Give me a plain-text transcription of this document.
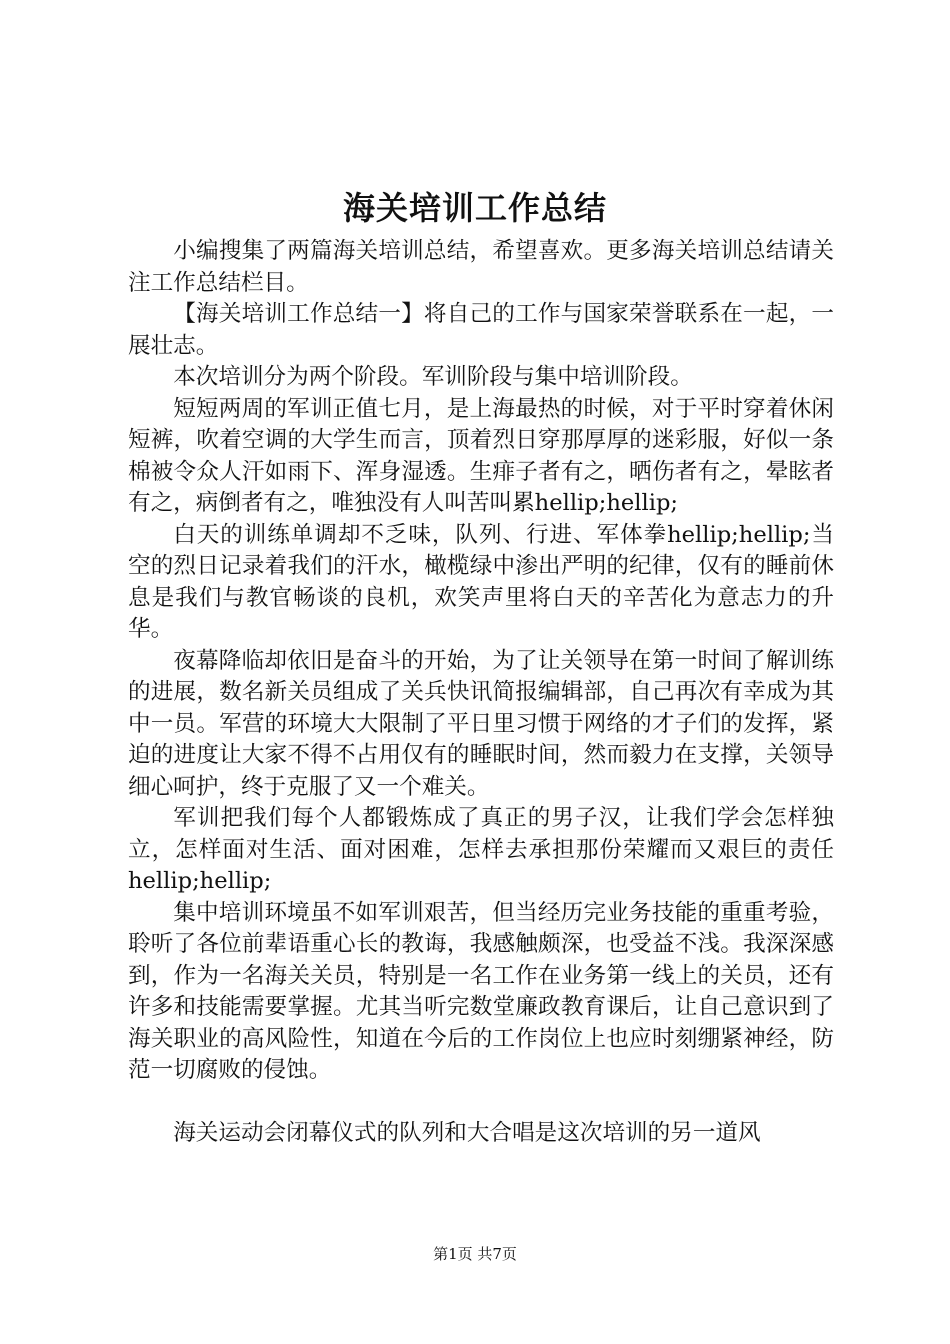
海关培训工作总结

小编搜集了两篇海关培训总结，希望喜欢。更多海关培训总结请关注工作总结栏目。

【海关培训工作总结一】将自己的工作与国家荣誉联系在一起，一展壮志。

本次培训分为两个阶段。军训阶段与集中培训阶段。

短短两周的军训正值七月，是上海最热的时候，对于平时穿着休闲短裤，吹着空调的大学生而言，顶着烈日穿那厚厚的迷彩服，好似一条棉被令众人汗如雨下、浑身湿透。生痱子者有之，晒伤者有之，晕眩者有之，病倒者有之，唯独没有人叫苦叫累hellip;hellip;

白天的训练单调却不乏味，队列、行进、军体拳hellip;hellip;当空的烈日记录着我们的汗水，橄榄绿中渗出严明的纪律，仅有的睡前休息是我们与教官畅谈的良机，欢笑声里将白天的辛苦化为意志力的升华。

夜幕降临却依旧是奋斗的开始，为了让关领导在第一时间了解训练的进展，数名新关员组成了关兵快讯简报编辑部，自己再次有幸成为其中一员。军营的环境大大限制了平日里习惯于网络的才子们的发挥，紧迫的进度让大家不得不占用仅有的睡眠时间，然而毅力在支撑，关领导细心呵护，终于克服了又一个难关。

军训把我们每个人都锻炼成了真正的男子汉，让我们学会怎样独立，怎样面对生活、面对困难，怎样去承担那份荣耀而又艰巨的责任hellip;hellip;

集中培训环境虽不如军训艰苦，但当经历完业务技能的重重考验，聆听了各位前辈语重心长的教诲，我感触颇深，也受益不浅。我深深感到，作为一名海关关员，特别是一名工作在业务第一线上的关员，还有许多和技能需要掌握。尤其当听完数堂廉政教育课后，让自己意识到了海关职业的高风险性，知道在今后的工作岗位上也应时刻绷紧神经，防范一切腐败的侵蚀。

海关运动会闭幕仪式的队列和大合唱是这次培训的另一道风

第1页 共7页
